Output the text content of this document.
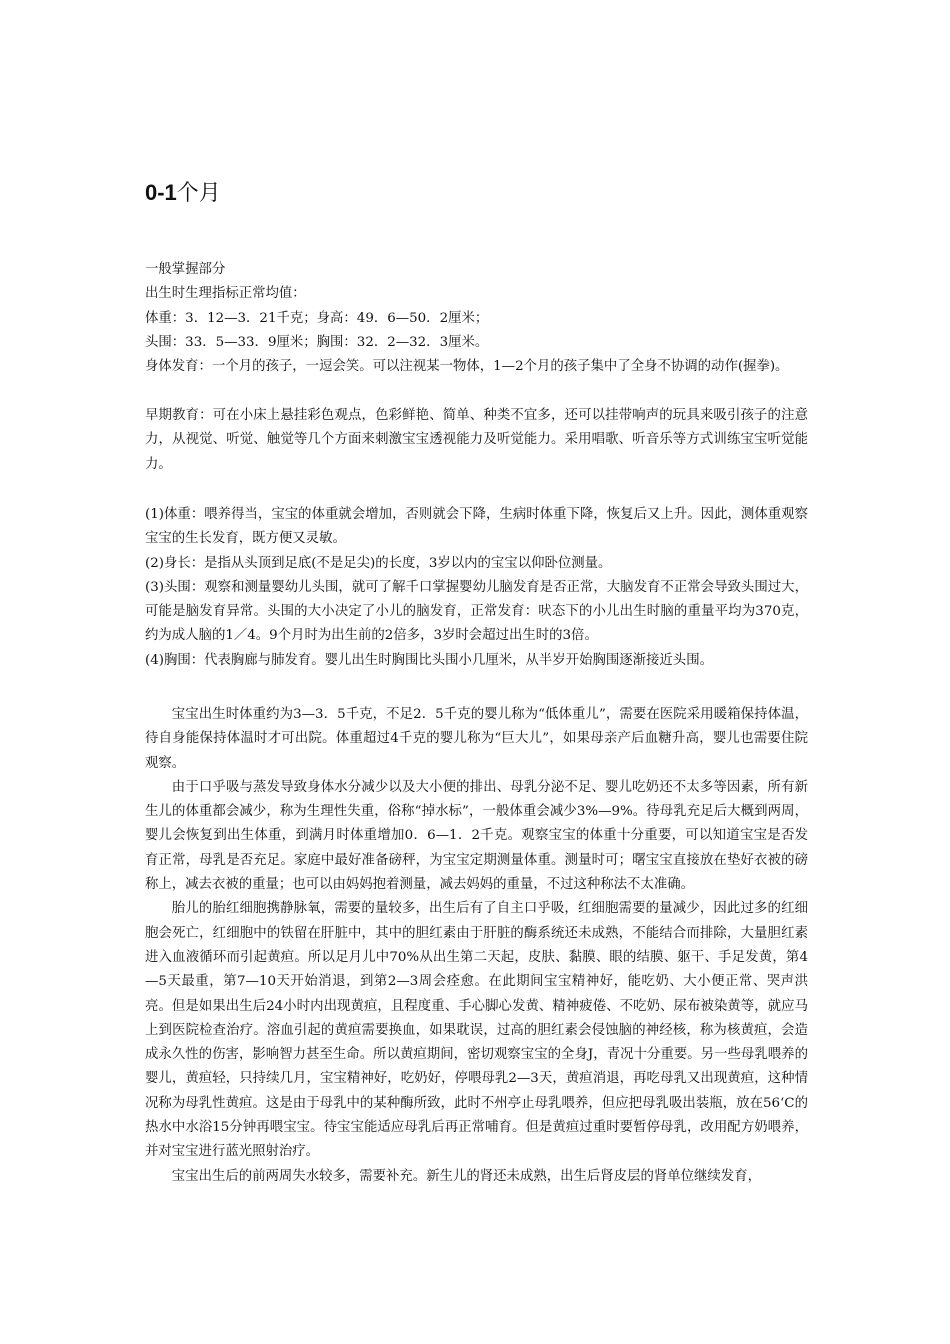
0-1个月

一般掌握部分

出生时生理指标正常均值：

体重：3．12—3．21千克；身高：49．6—50．2厘米；

头围：33．5—33．9厘米；胸围：32．2—32．3厘米。

身体发育：一个月的孩子，一逗会笑。可以注视某一物体，1—2个月的孩子集中了全身不协调的动作(握拳)。

早期教育：可在小床上悬挂彩色观点，色彩鲜艳、简单、种类不宜多，还可以挂带响声的玩具来吸引孩子的注意力，从视觉、听觉、触觉等几个方面来刺激宝宝透视能力及听觉能力。采用唱歌、听音乐等方式训练宝宝听觉能力。

(1)体重：喂养得当，宝宝的体重就会增加，否则就会下降，生病时体重下降，恢复后又上升。因此，测体重观察宝宝的生长发育，既方便又灵敏。

(2)身长：是指从头顶到足底(不是足尖)的长度，3岁以内的宝宝以仰卧位测量。

(3)头围：观察和测量婴幼儿头围，就可了解千口掌握婴幼儿脑发育是否正常，大脑发育不正常会导致头围过大，可能是脑发育异常。头围的大小决定了小儿的脑发育，正常发育：吠态下的小儿出生时脑的重量平均为370克，约为成人脑的1／4。9个月时为出生前的2倍多，3岁时会超过出生时的3倍。

(4)胸围：代表胸廊与肺发育。婴儿出生时胸围比头围小几厘米，从半岁开始胸围逐渐接近头围。

宝宝出生时体重约为3—3．5千克，不足2．5千克的婴儿称为“低体重儿”，需要在医院采用暖箱保持体温，待自身能保持体温时才可出院。体重超过4千克的婴儿称为“巨大儿”，如果母亲产后血糖升高，婴儿也需要住院观察。

由于口乎吸与蒸发导致身体水分减少以及大小便的排出、母乳分泌不足、婴儿吃奶还不太多等因素，所有新生儿的体重都会减少，称为生理性失重，俗称“掉水标”，一般体重会减少3%—9%。待母乳充足后大概到两周，婴儿会恢复到出生体重，到满月时体重增加0．6—1．2千克。观察宝宝的体重十分重要，可以知道宝宝是否发育正常，母乳是否充足。家庭中最好准备磅秤，为宝宝定期测量体重。测量时可；曙宝宝直接放在垫好衣被的磅称上，减去衣被的重量；也可以由妈妈抱着测量，减去妈妈的重量，不过这种称法不太准确。

胎儿的胎红细胞携静脉氧，需要的量较多，出生后有了自主口乎吸，红细胞需要的量减少，因此过多的红细胞会死亡，红细胞中的铁留在肝脏中，其中的胆红素由于肝脏的酶系统还未成熟，不能结合而排除，大量胆红素进入血液循环而引起黄疸。所以足月儿中70%从出生第二天起，皮肤、黏膜、眼的结膜、躯干、手足发黄，第4—5天最重，第7—10天开始消退，到第2—3周会痊愈。在此期间宝宝精神好，能吃奶、大小便正常、哭声洪亮。但是如果出生后24小时内出现黄疸，且程度重、手心脚心发黄、精神疲倦、不吃奶、尿布被染黄等，就应马上到医院检查治疗。溶血引起的黄疸需要换血，如果耽误，过高的胆红素会侵蚀脑的神经核，称为核黄疸，会造成永久性的伤害，影响智力甚至生命。所以黄疸期间，密切观察宝宝的全身J，青况十分重要。另一些母乳喂养的婴儿，黄疸轻，只持续几月，宝宝精神好，吃奶好，停喂母乳2—3天，黄疸消退，再吃母乳又出现黄疸，这种情况称为母乳性黄疸。这是由于母乳中的某种酶所致，此时不州亭止母乳喂养，但应把母乳吸出装瓶，放在56‘C的热水中水浴15分钟再喂宝宝。待宝宝能适应母乳后再正常哺育。但是黄疸过重时要暂停母乳，改用配方奶喂养，并对宝宝进行蓝光照射治疗。

宝宝出生后的前两周失水较多，需要补充。新生儿的肾还未成熟，出生后肾皮层的肾单位继续发育，
